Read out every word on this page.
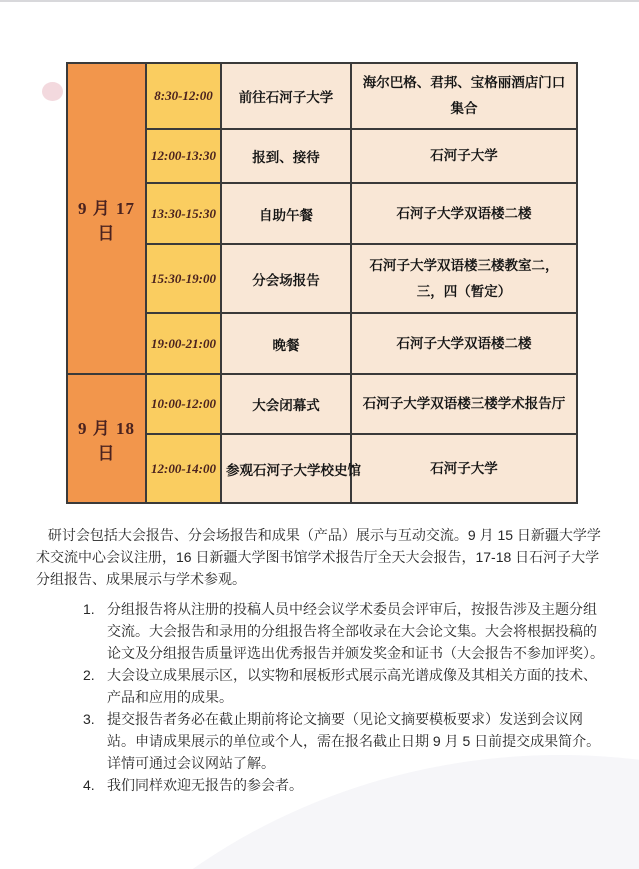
9 月 17 日	8:30-12:00	前往石河子大学	海尔巴格、君邦、宝格丽酒店门口集合
	12:00-13:30	报到、接待	石河子大学
	13:30-15:30	自助午餐	石河子大学双语楼二楼
	15:30-19:00	分会场报告	石河子大学双语楼三楼教室二，三，四（暂定）
	19:00-21:00	晚餐	石河子大学双语楼二楼
9 月 18 日	10:00-12:00	大会闭幕式	石河子大学双语楼三楼学术报告厅
	12:00-14:00	参观石河子大学校史馆	石河子大学

研讨会包括大会报告、分会场报告和成果（产品）展示与互动交流。9 月 15 日新疆大学学术交流中心会议注册，16 日新疆大学图书馆学术报告厅全天大会报告，17-18 日石河子大学分组报告、成果展示与学术参观。

1. 分组报告将从注册的投稿人员中经会议学术委员会评审后，按报告涉及主题分组交流。大会报告和录用的分组报告将全部收录在大会论文集。大会将根据投稿的论文及分组报告质量评选出优秀报告并颁发奖金和证书（大会报告不参加评奖）。
2. 大会设立成果展示区，以实物和展板形式展示高光谱成像及其相关方面的技术、产品和应用的成果。
3. 提交报告者务必在截止期前将论文摘要（见论文摘要模板要求）发送到会议网站。申请成果展示的单位或个人，需在报名截止日期 9 月 5 日前提交成果简介。详情可通过会议网站了解。
4. 我们同样欢迎无报告的参会者。
